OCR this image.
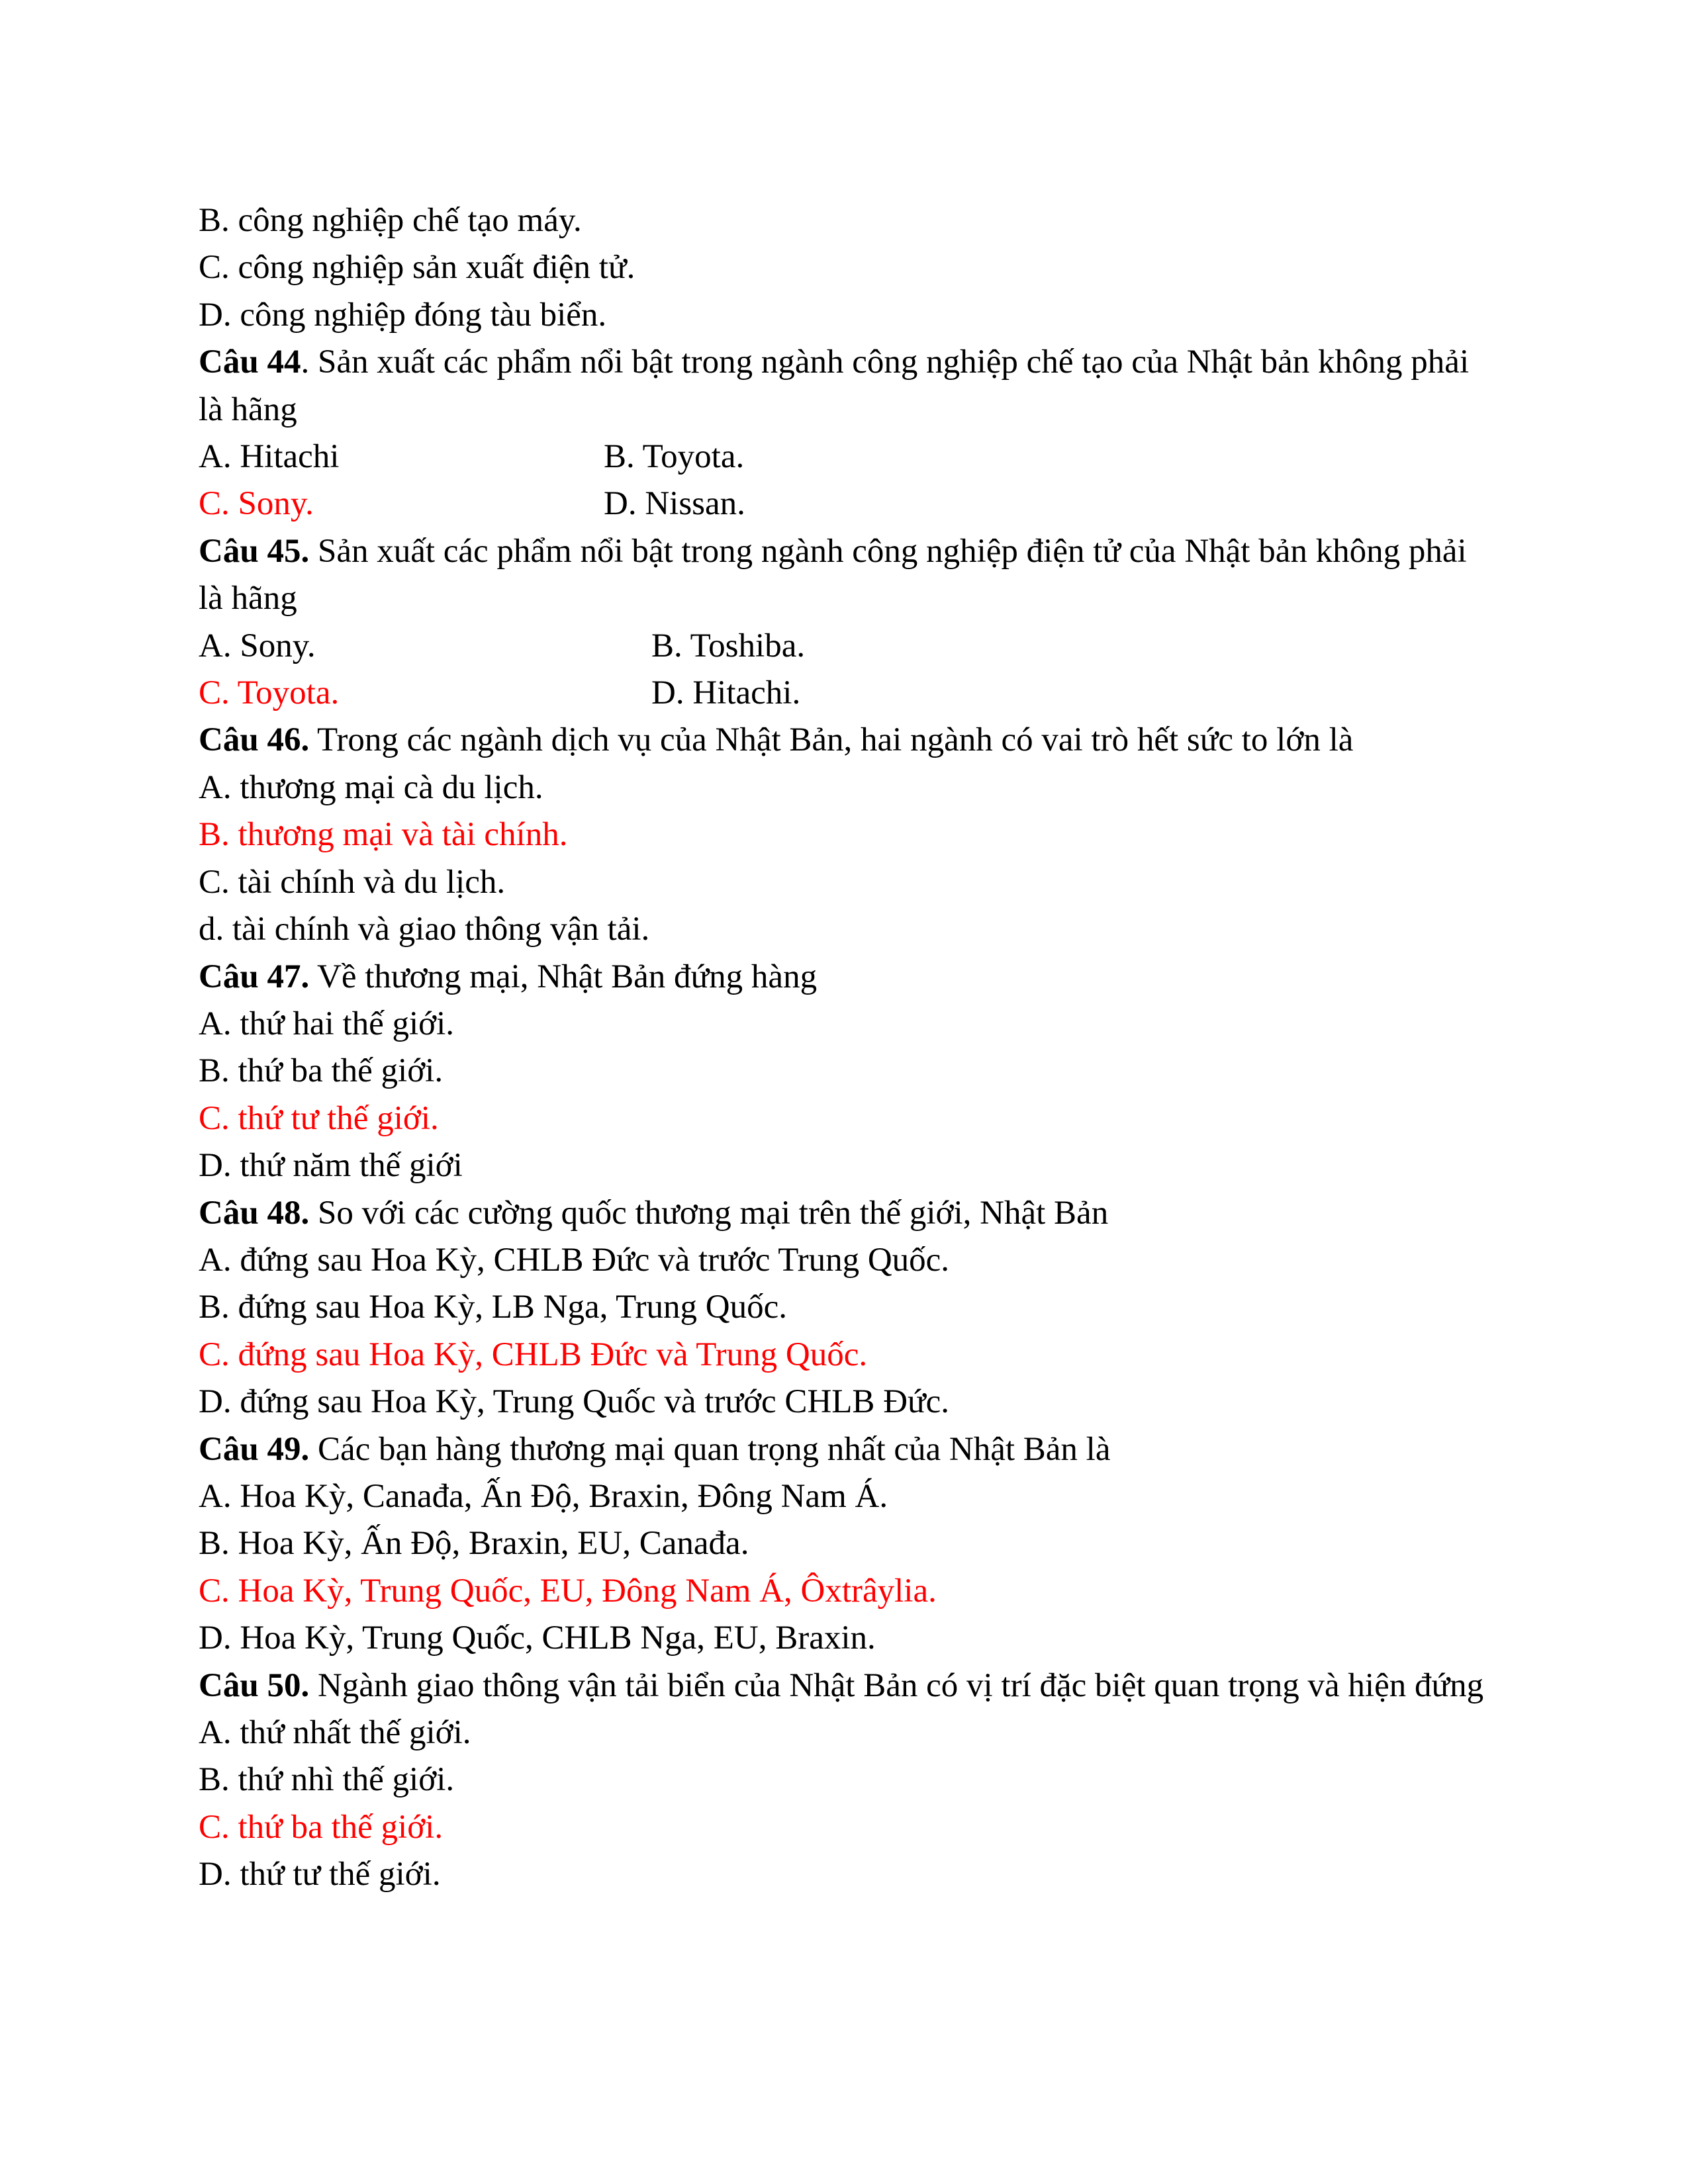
B. công nghiệp chế tạo máy.
C. công nghiệp sản xuất điện tử.
D. công nghiệp đóng tàu biển.
Câu 44. Sản xuất các phẩm nổi bật trong ngành công nghiệp chế tạo của Nhật bản không phải là hãng
A. Hitachi	B. Toyota.
C. Sony.	D. Nissan.
Câu 45. Sản xuất các phẩm nổi bật trong ngành công nghiệp điện tử của Nhật bản không phải là hãng
A. Sony.	B. Toshiba.
C. Toyota.	D. Hitachi.
Câu 46. Trong các ngành dịch vụ của Nhật Bản, hai ngành có vai trò hết sức to lớn là
A. thương mại cà du lịch.
B. thương mại và tài chính.
C. tài chính và du lịch.
d. tài chính và giao thông vận tải.
Câu 47. Về thương mại, Nhật Bản đứng hàng
A. thứ hai thế giới.
B. thứ ba thế giới.
C. thứ tư thế giới.
D. thứ năm thế giới
Câu 48. So với các cường quốc thương mại trên thế giới, Nhật Bản
A. đứng sau Hoa Kỳ, CHLB Đức và trước Trung Quốc.
B. đứng sau Hoa Kỳ, LB Nga, Trung Quốc.
C. đứng sau Hoa Kỳ, CHLB Đức và Trung Quốc.
D. đứng sau Hoa Kỳ, Trung Quốc và trước CHLB Đức.
Câu 49. Các bạn hàng thương mại quan trọng nhất của Nhật Bản là
A. Hoa Kỳ, Canađa, Ấn Độ, Braxin, Đông Nam Á.
B. Hoa Kỳ, Ấn Độ, Braxin, EU, Canađa.
C. Hoa Kỳ, Trung Quốc, EU, Đông Nam Á, Ôxtrâylia.
D. Hoa Kỳ, Trung Quốc, CHLB Nga, EU, Braxin.
Câu 50. Ngành giao thông vận tải biển của Nhật Bản có vị trí đặc biệt quan trọng và hiện đứng
A. thứ nhất thế giới.
B. thứ nhì thế giới.
C. thứ ba thế giới.
D. thứ tư thế giới.
